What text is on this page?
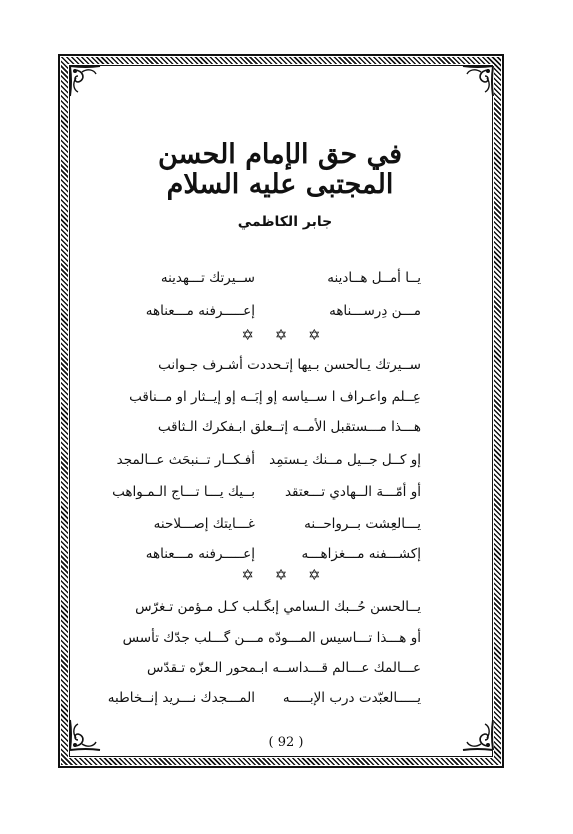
في حق الإمام الحسن المجتبى عليه السلام
جابر الكاظمي
يــا أمــل هــادينه
ســيرتك تـــهدينه
مـــن دِرســـناهه
إعـــــرفنه مـــعناهه
✡ ✡ ✡
ســيرتك يـالحسن بـيها إتـحددت أشـرف جـوانب
عِــلم واعـراف ا ســياسه إو إبَــه إو إيــثار او مــناقب
هـــذا مـــستقبل الأمــه إتــعلق ابـفكرك الـثاقب
إو كــل جــيل مــنك يـستمِد
أفـكــار تــنبحَث عــالمجد
أو أمّـــة الــهادي تـــعتقد
بــيك يـــا تـــاج الـمـواهب
يـــالعِشت بــرواحــنه
غـــايتك إصـــلاحنه
إكشـــفنه مـــغزاهـــه
إعـــــرفنه مـــعناهه
✡ ✡ ✡
يــالحسن حُــبك الـسامي إبگـلب كـل مـؤمن تـغرّس
أو هـــذا تـــاسيس المـــودّه مـــن گـــلب جدّك تأسس
عـــالمك عـــالم قـــداســه ابـمحور الـعزّه تـقدّس
يـــــالعبّدت درب الإبـــــه
المـــجدك نـــريد إنــخاطبه
( 92 )
